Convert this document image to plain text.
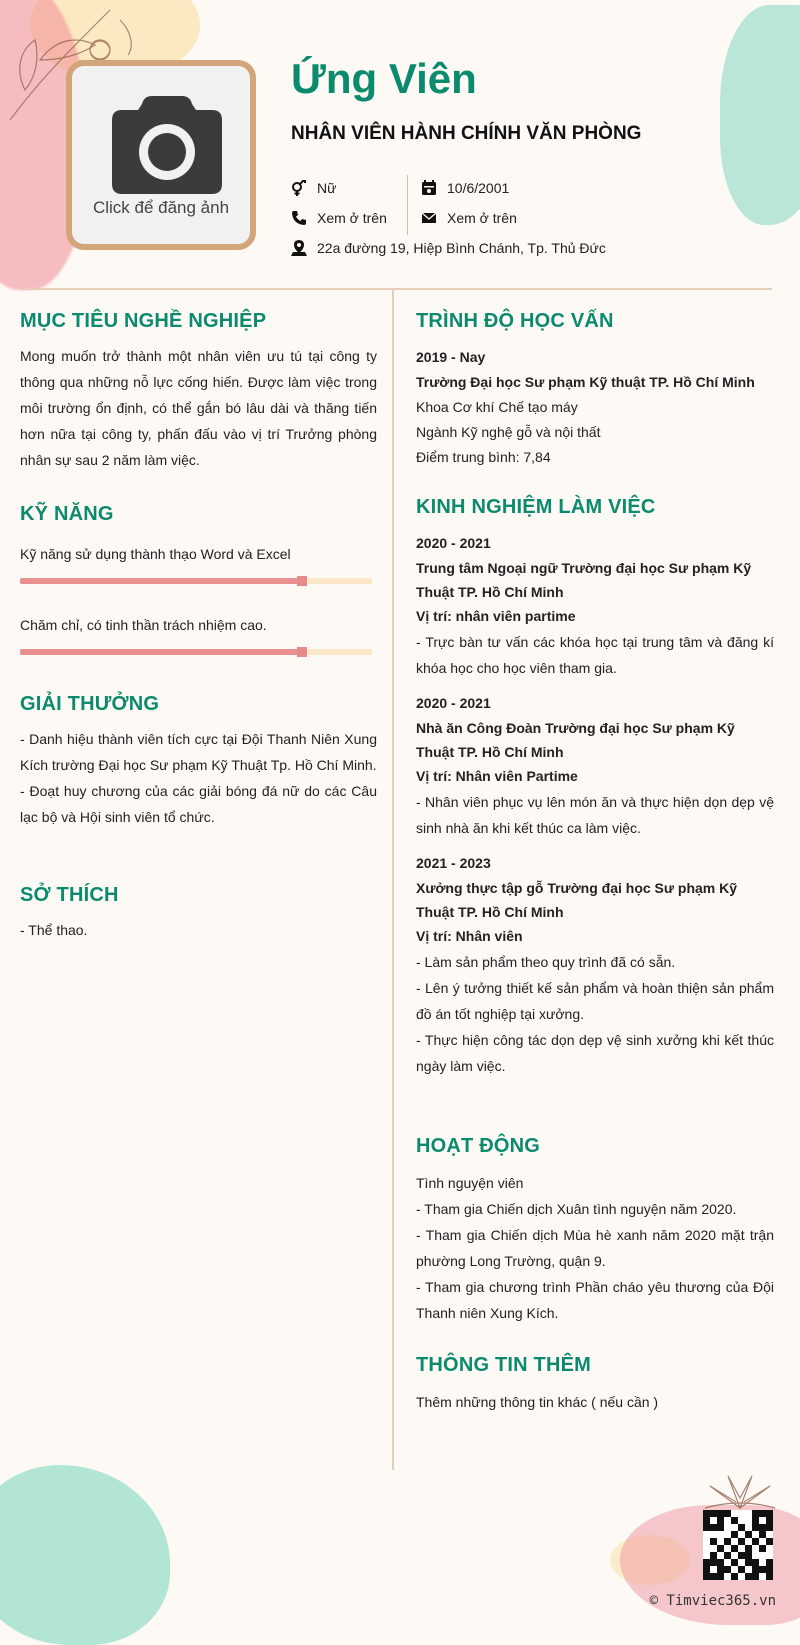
Click để đăng ảnh
Ứng Viên
NHÂN VIÊN HÀNH CHÍNH VĂN PHÒNG
Nữ
Xem ở trên
10/6/2001
Xem ở trên
22a đường 19, Hiệp Bình Chánh, Tp. Thủ Đức
MỤC TIÊU NGHỀ NGHIỆP

Mong muốn trở thành một nhân viên ưu tú tại công ty thông qua những nỗ lực cống hiến. Được làm việc trong môi trường ổn định, có thể gắn bó lâu dài và thăng tiến hơn nữa tại công ty, phấn đấu vào vị trí Trưởng phòng nhân sự sau 2 năm làm việc.

KỸ NĂNG

Kỹ năng sử dụng thành thạo Word và Excel

Chăm chỉ, có tinh thần trách nhiệm cao.

GIẢI THƯỞNG

- Danh hiệu thành viên tích cực tại Đội Thanh Niên Xung Kích trường Đại học Sư phạm Kỹ Thuật Tp. Hồ Chí Minh.

- Đoạt huy chương của các giải bóng đá nữ do các Câu lạc bộ và Hội sinh viên tổ chức.

SỞ THÍCH

- Thể thao.

TRÌNH ĐỘ HỌC VẤN

2019 - Nay

Trường Đại học Sư phạm Kỹ thuật TP. Hồ Chí Minh

Khoa Cơ khí Chế tạo máy

Ngành Kỹ nghệ gỗ và nội thất

Điểm trung bình: 7,84

KINH NGHIỆM LÀM VIỆC

2020 - 2021

Trung tâm Ngoại ngữ Trường đại học Sư phạm Kỹ Thuật TP. Hồ Chí Minh

Vị trí: nhân viên partime

- Trực bàn tư vấn các khóa học tại trung tâm và đăng kí khóa học cho học viên tham gia.

2020 - 2021

Nhà ăn Công Đoàn Trường đại học Sư phạm Kỹ Thuật TP. Hồ Chí Minh

Vị trí: Nhân viên Partime

- Nhân viên phục vụ lên món ăn và thực hiện dọn dẹp vệ sinh nhà ăn khi kết thúc ca làm việc.

2021 - 2023

Xưởng thực tập gỗ Trường đại học Sư phạm Kỹ Thuật TP. Hồ Chí Minh

Vị trí: Nhân viên

- Làm sản phẩm theo quy trình đã có sẵn.

- Lên ý tưởng thiết kế sản phẩm và hoàn thiện sản phẩm đồ án tốt nghiệp tại xưởng.

- Thực hiện công tác dọn dẹp vệ sinh xưởng khi kết thúc ngày làm việc.

HOẠT ĐỘNG

Tình nguyện viên

- Tham gia Chiến dịch Xuân tình nguyện năm 2020.

- Tham gia Chiến dịch Mùa hè xanh năm 2020 mặt trận phường Long Trường, quận 9.

- Tham gia chương trình Phần cháo yêu thương của Đội Thanh niên Xung Kích.

THÔNG TIN THÊM

Thêm những thông tin khác ( nếu cần )

© Timviec365.vn
